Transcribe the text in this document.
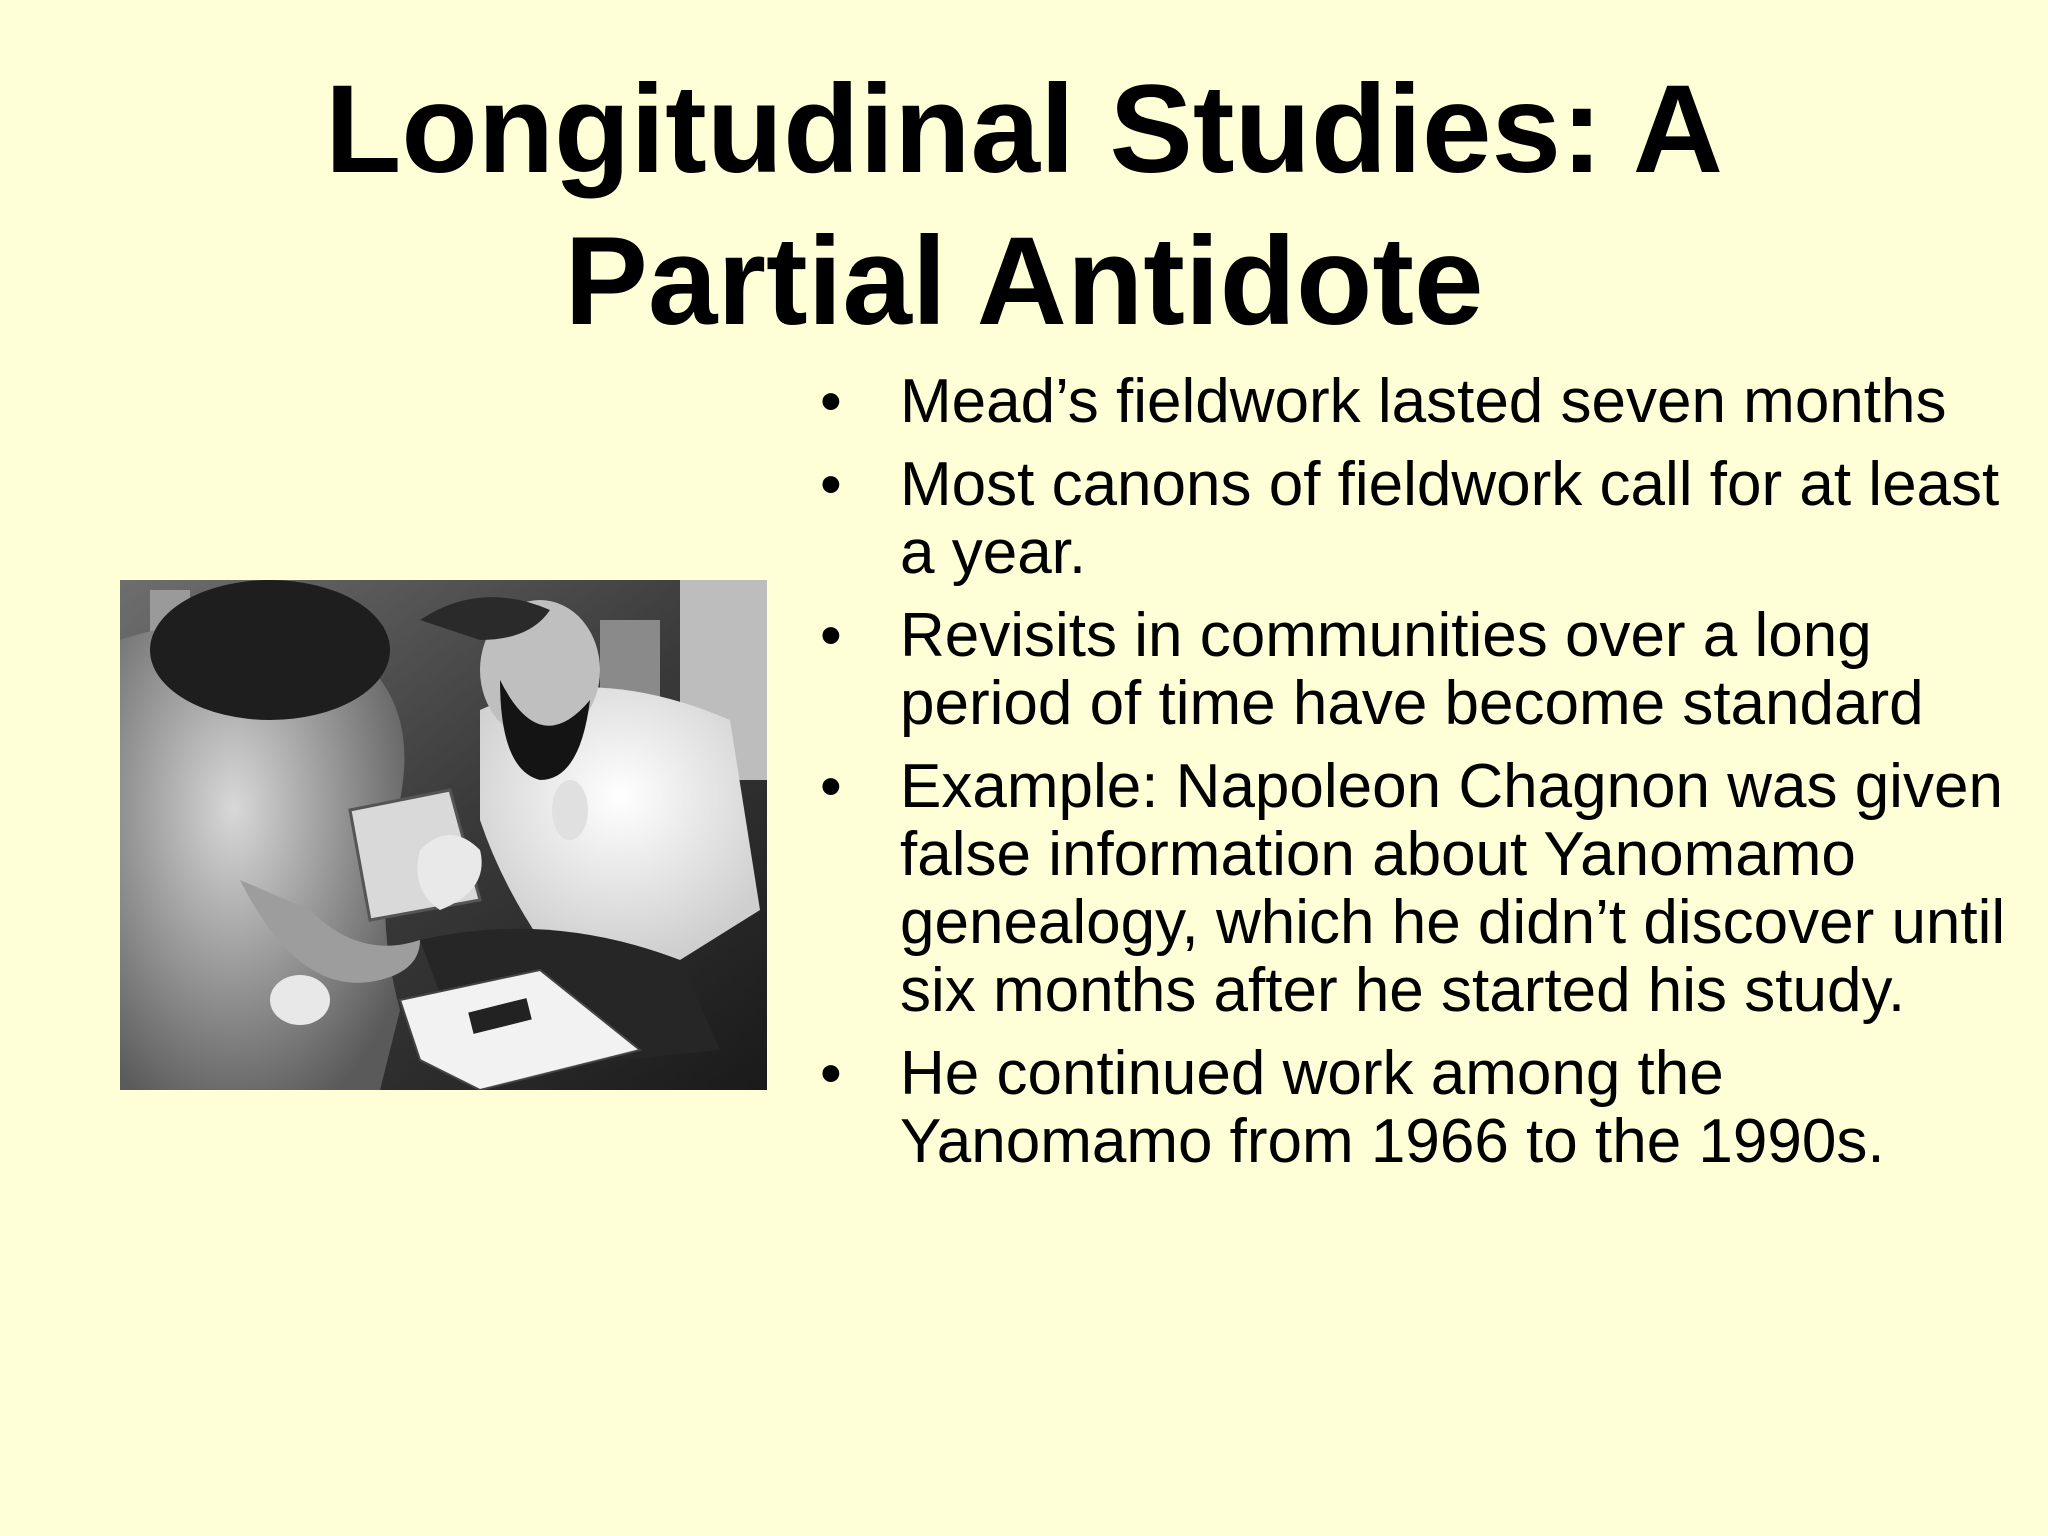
Longitudinal Studies: A
Partial Antidote
• Mead’s fieldwork lasted seven months
• Most canons of fieldwork call for at least a year.
• Revisits in communities over a long period of time have become standard
• Example: Napoleon Chagnon was given false information about Yanomamo genealogy, which he didn’t discover until six months after he started his study.
• He continued work among the Yanomamo from 1966 to the 1990s.
